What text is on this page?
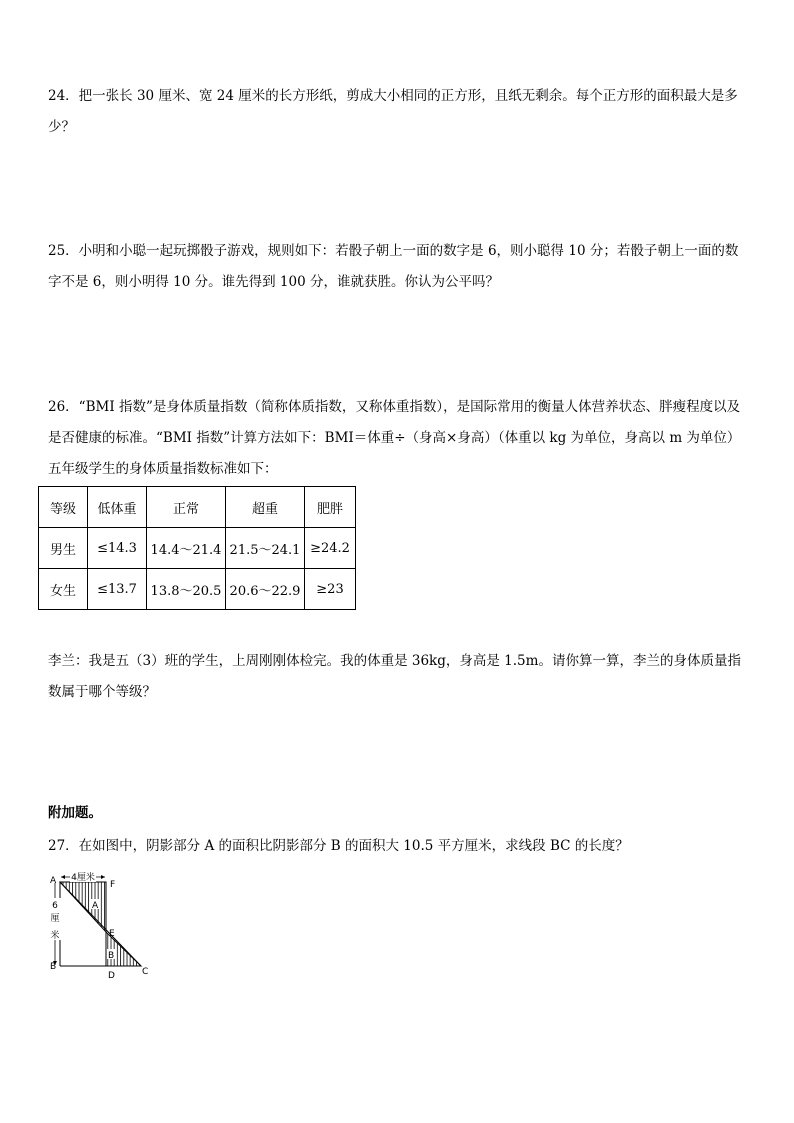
24．把一张长 30 厘米、宽 24 厘米的长方形纸，剪成大小相同的正方形，且纸无剩余。每个正方形的面积最大是多少？

25．小明和小聪一起玩掷骰子游戏，规则如下：若骰子朝上一面的数字是 6，则小聪得 10 分；若骰子朝上一面的数字不是 6，则小明得 10 分。谁先得到 100 分，谁就获胜。你认为公平吗？

26．“BMI 指数”是身体质量指数（简称体质指数，又称体重指数），是国际常用的衡量人体营养状态、胖瘦程度以及是否健康的标准。“BMI 指数”计算方法如下：BMI＝体重÷（身高×身高）（体重以 kg 为单位，身高以 m 为单位）

五年级学生的身体质量指数标准如下：

等级	低体重	正常	超重	肥胖
男生	≤14.3	14.4～21.4	21.5～24.1	≥24.2
女生	≤13.7	13.8～20.5	20.6～22.9	≥23

李兰：我是五（3）班的学生，上周刚刚体检完。我的体重是 36kg，身高是 1.5m。请你算一算，李兰的身体质量指数属于哪个等级？

附加题。

27．在如图中，阴影部分 A 的面积比阴影部分 B 的面积大 10.5 平方厘米，求线段 BC 的长度？

4厘米
6
厘
米
A	F
B
D	C
E
A
B
